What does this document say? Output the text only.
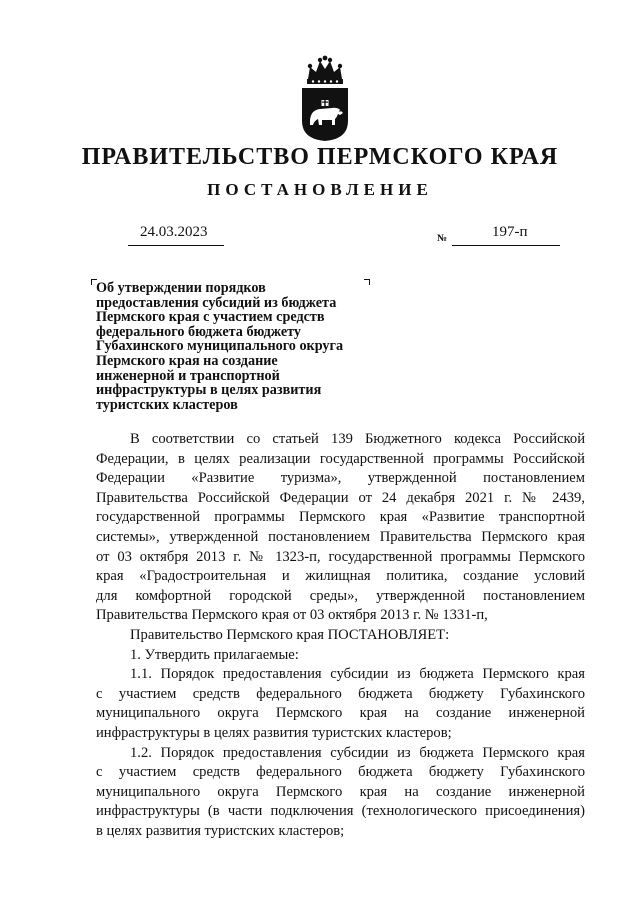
ПРАВИТЕЛЬСТВО ПЕРМСКОГО КРАЯ
ПОСТАНОВЛЕНИЕ
24.03.2023	№	197-п
Об утверждении порядков
предоставления субсидий из бюджета
Пермского края с участием средств
федерального бюджета бюджету
Губахинского муниципального округа
Пермского края на создание
инженерной и транспортной
инфраструктуры в целях развития
туристских кластеров
В соответствии со статьей 139 Бюджетного кодекса Российской
Федерации, в целях реализации государственной программы Российской
Федерации «Развитие туризма», утвержденной постановлением
Правительства Российской Федерации от 24 декабря 2021 г. № 2439,
государственной программы Пермского края «Развитие транспортной
системы», утвержденной постановлением Правительства Пермского края
от 03 октября 2013 г. № 1323-п, государственной программы Пермского
края «Градостроительная и жилищная политика, создание условий
для комфортной городской среды», утвержденной постановлением
Правительства Пермского края от 03 октября 2013 г. № 1331-п,
Правительство Пермского края ПОСТАНОВЛЯЕТ:
1. Утвердить прилагаемые:
1.1. Порядок предоставления субсидии из бюджета Пермского края
с участием средств федерального бюджета бюджету Губахинского
муниципального округа Пермского края на создание инженерной
инфраструктуры в целях развития туристских кластеров;
1.2. Порядок предоставления субсидии из бюджета Пермского края
с участием средств федерального бюджета бюджету Губахинского
муниципального округа Пермского края на создание инженерной
инфраструктуры (в части подключения (технологического присоединения)
в целях развития туристских кластеров;
